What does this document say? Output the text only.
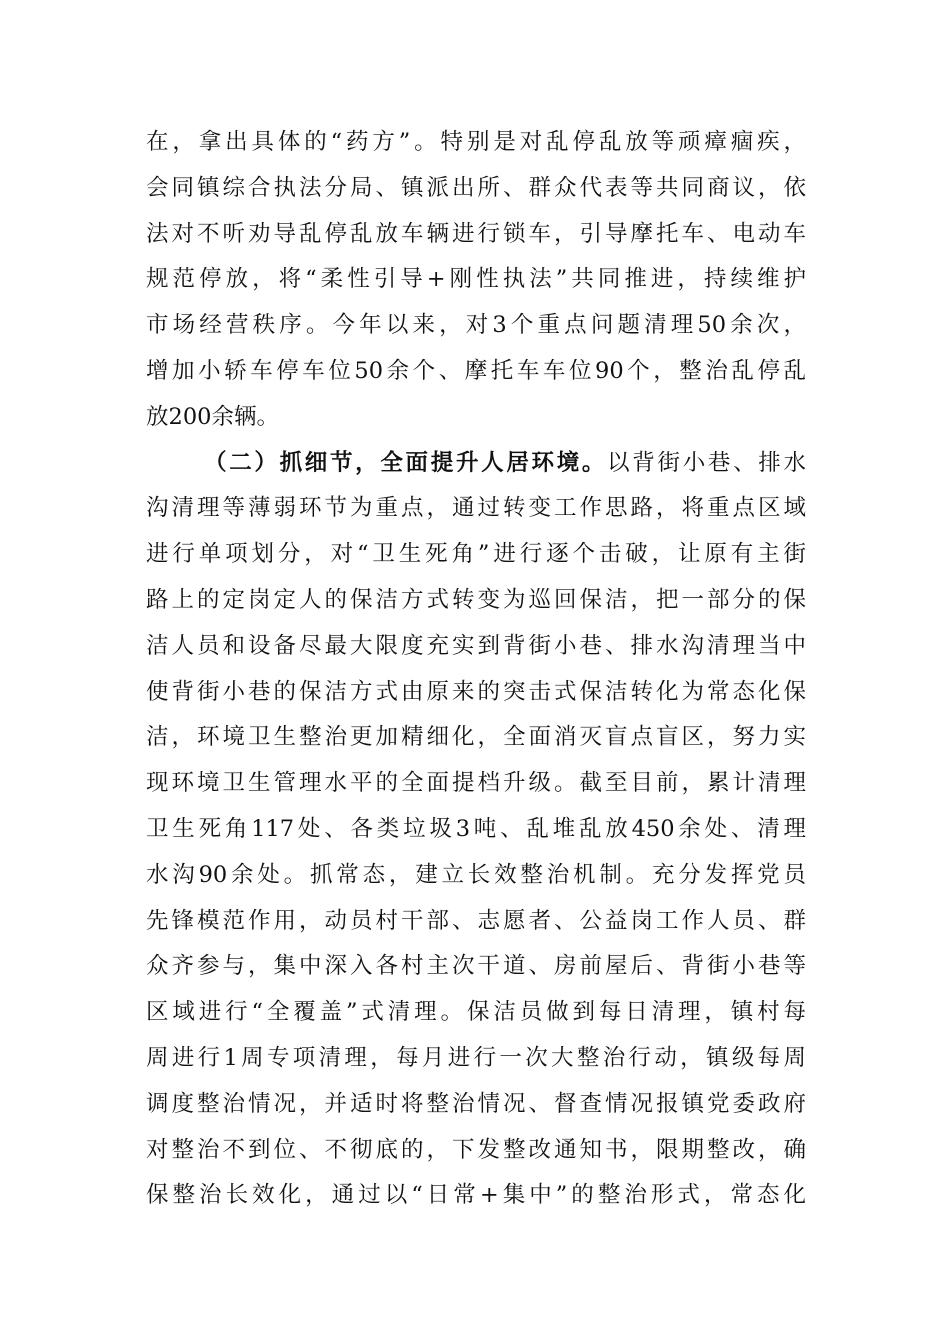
在，拿出具体的“药方”。特别是对乱停乱放等顽瘴痼疾，
会同镇综合执法分局、镇派出所、群众代表等共同商议，依
法对不听劝导乱停乱放车辆进行锁车，引导摩托车、电动车
规范停放，将“柔性引导+刚性执法”共同推进，持续维护
市场经营秩序。今年以来，对3个重点问题清理50余次，
增加小轿车停车位50余个、摩托车车位90个，整治乱停乱
放200余辆。
（二）抓细节，全面提升人居环境。以背街小巷、排水
沟清理等薄弱环节为重点，通过转变工作思路，将重点区域
进行单项划分，对“卫生死角”进行逐个击破，让原有主街
路上的定岗定人的保洁方式转变为巡回保洁，把一部分的保
洁人员和设备尽最大限度充实到背街小巷、排水沟清理当中
使背街小巷的保洁方式由原来的突击式保洁转化为常态化保
洁，环境卫生整治更加精细化，全面消灭盲点盲区，努力实
现环境卫生管理水平的全面提档升级。截至目前，累计清理
卫生死角117处、各类垃圾3吨、乱堆乱放450余处、清理
水沟90余处。抓常态，建立长效整治机制。充分发挥党员
先锋模范作用，动员村干部、志愿者、公益岗工作人员、群
众齐参与，集中深入各村主次干道、房前屋后、背街小巷等
区域进行“全覆盖”式清理。保洁员做到每日清理，镇村每
周进行1周专项清理，每月进行一次大整治行动，镇级每周
调度整治情况，并适时将整治情况、督查情况报镇党委政府
对整治不到位、不彻底的，下发整改通知书，限期整改，确
保整治长效化，通过以“日常+集中”的整治形式，常态化
